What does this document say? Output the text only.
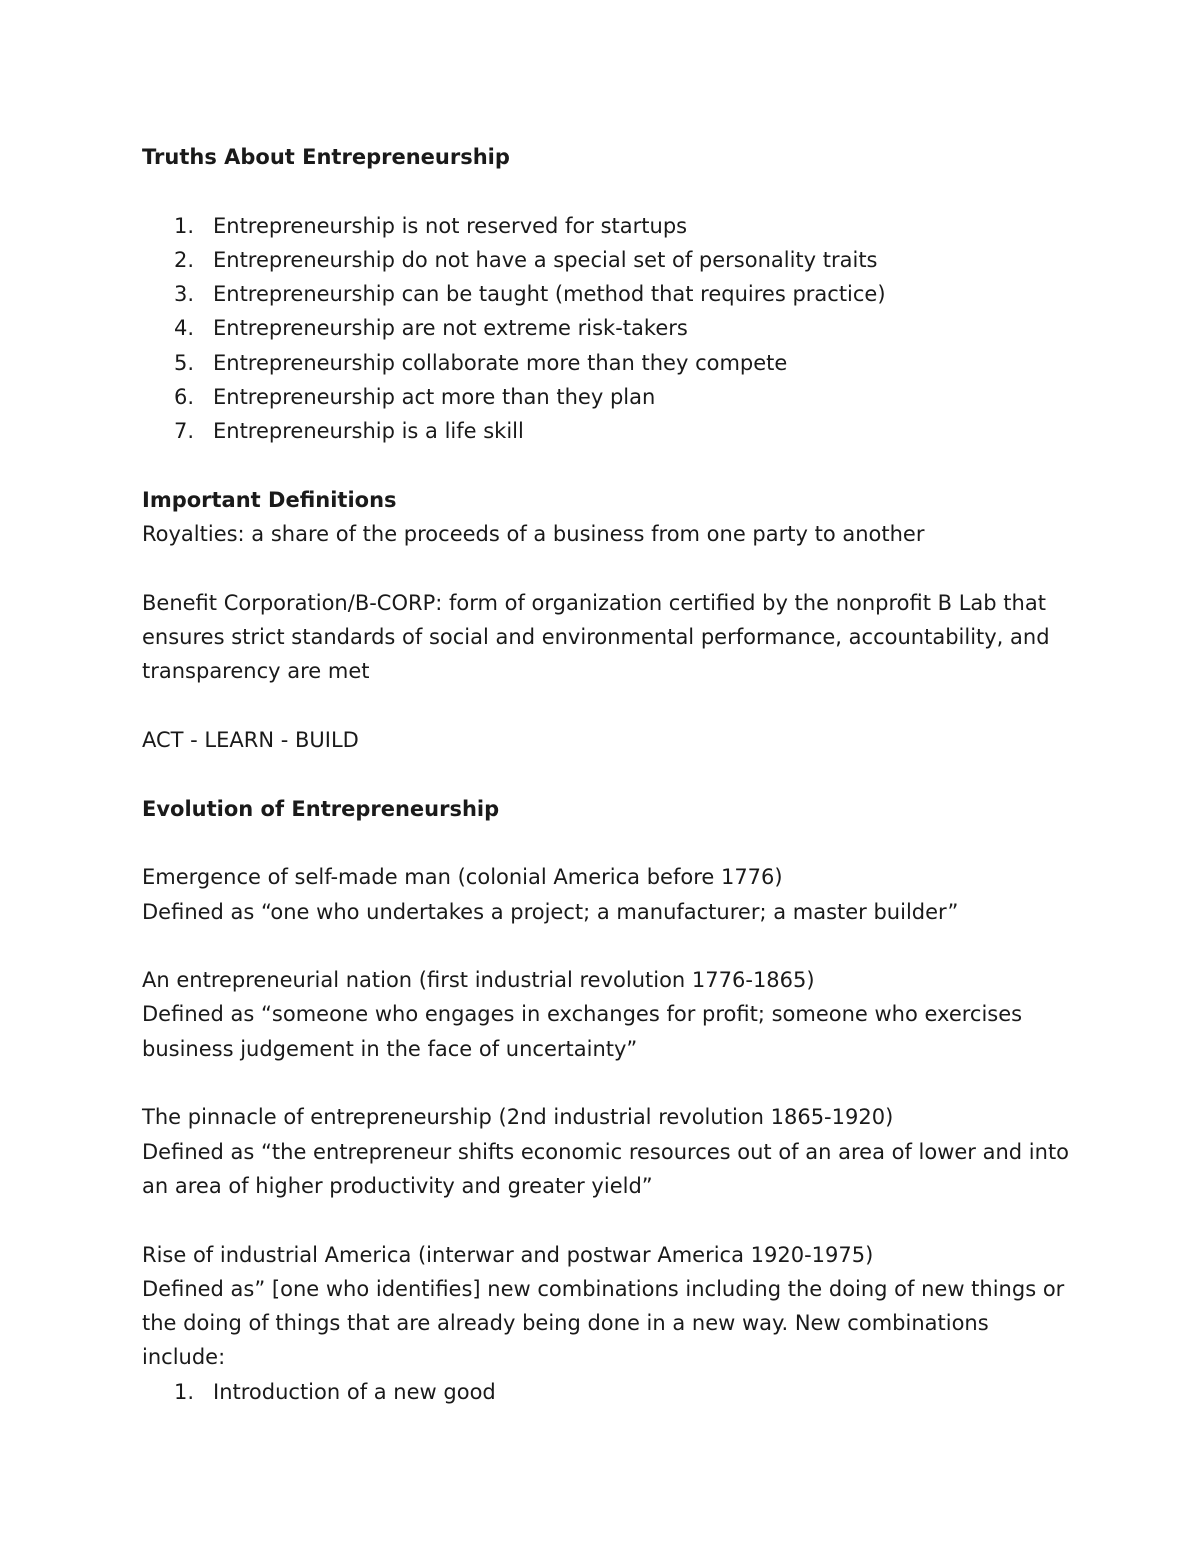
Truths About Entrepreneurship

1. Entrepreneurship is not reserved for startups
2. Entrepreneurship do not have a special set of personality traits
3. Entrepreneurship can be taught (method that requires practice)
4. Entrepreneurship are not extreme risk-takers
5. Entrepreneurship collaborate more than they compete
6. Entrepreneurship act more than they plan
7. Entrepreneurship is a life skill

Important Definitions

Royalties: a share of the proceeds of a business from one party to another

Benefit Corporation/B-CORP: form of organization certified by the nonprofit B Lab that ensures strict standards of social and environmental performance, accountability, and transparency are met

ACT - LEARN - BUILD

Evolution of Entrepreneurship

Emergence of self-made man (colonial America before 1776)

Defined as “one who undertakes a project; a manufacturer; a master builder”

An entrepreneurial nation (first industrial revolution 1776-1865)

Defined as “someone who engages in exchanges for profit; someone who exercises business judgement in the face of uncertainty”

The pinnacle of entrepreneurship (2nd industrial revolution 1865-1920)

Defined as “the entrepreneur shifts economic resources out of an area of lower and into an area of higher productivity and greater yield”

Rise of industrial America (interwar and postwar America 1920-1975)

Defined as” [one who identifies] new combinations including the doing of new things or the doing of things that are already being done in a new way. New combinations include:

1. Introduction of a new good
